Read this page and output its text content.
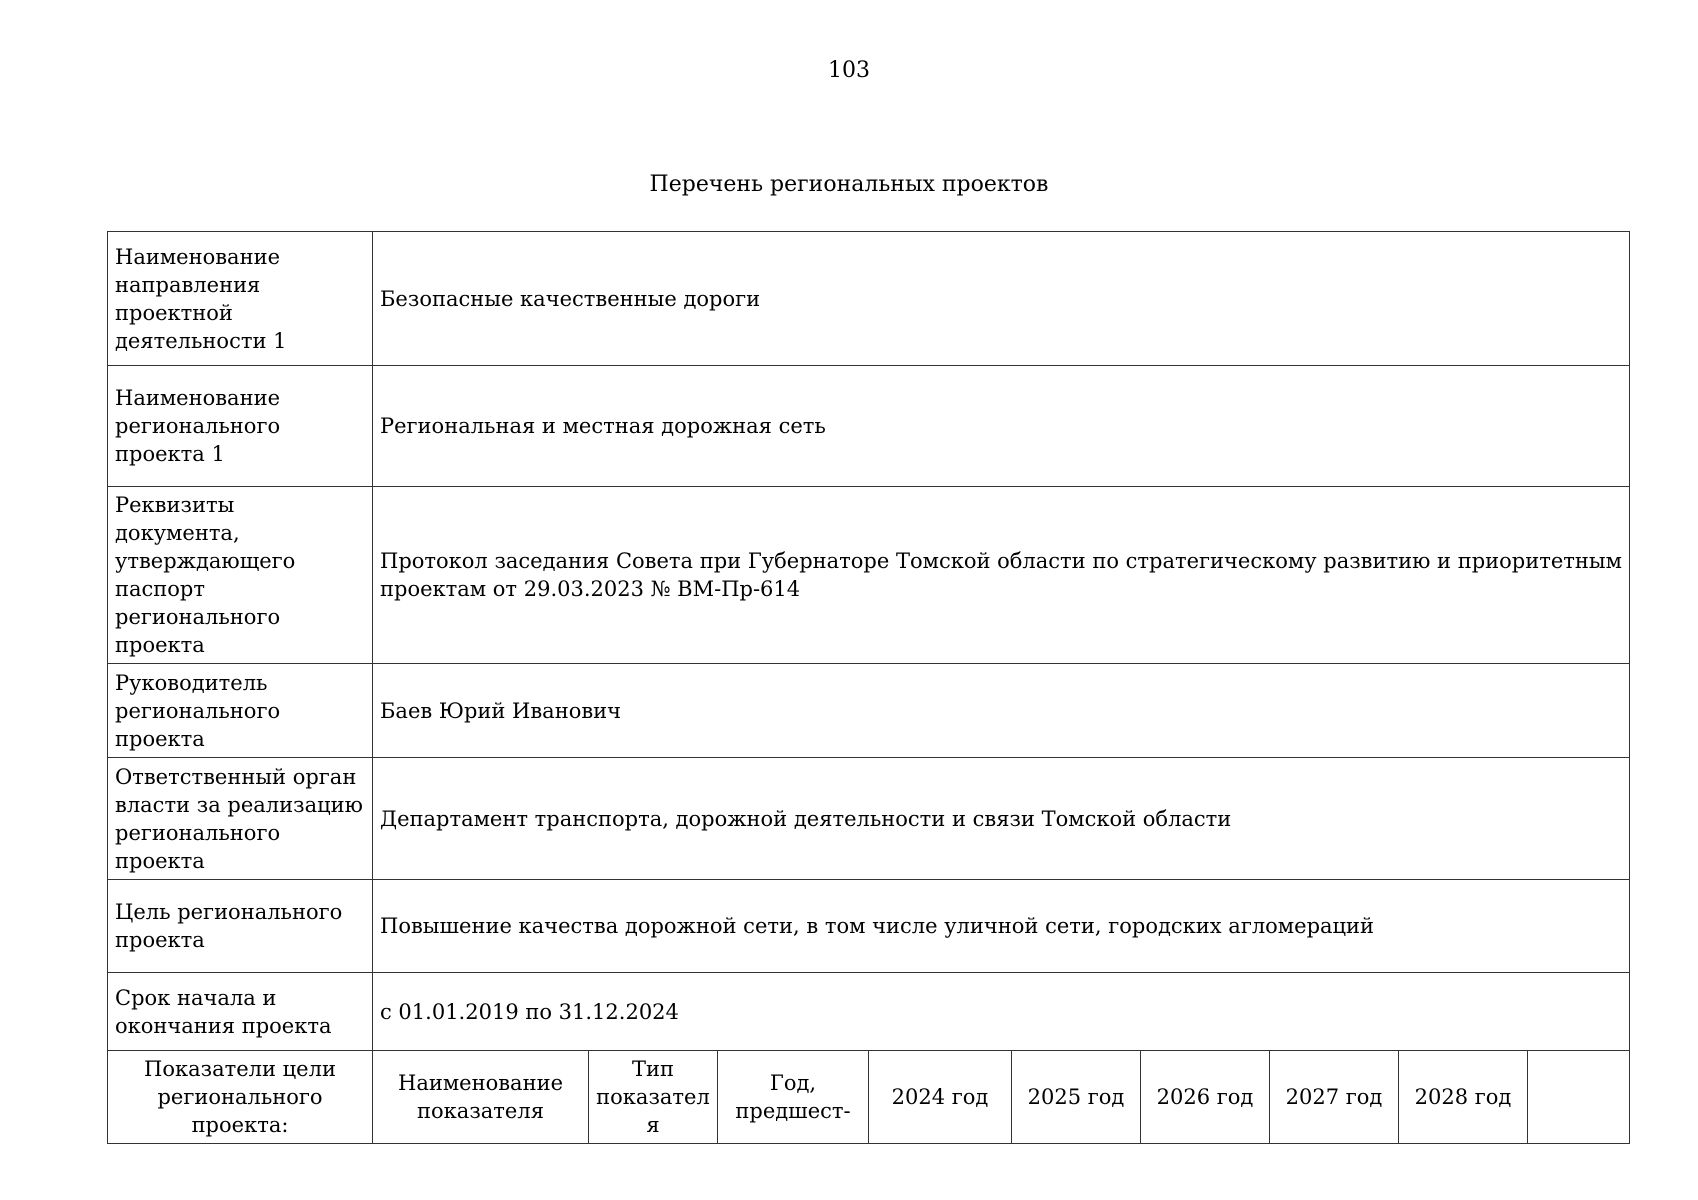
103
Перечень региональных проектов
Наименование направления проектной деятельности 1	Безопасные качественные дороги								
Наименование регионального проекта 1	Региональная и местная дорожная сеть								
Реквизиты документа, утверждающего паспорт регионального проекта	Протокол заседания Совета при Губернаторе Томской области по стратегическому развитию и приоритетным проектам от 29.03.2023 № ВМ-Пр-614								
Руководитель регионального проекта	Баев Юрий Иванович								
Ответственный орган власти за реализацию регионального проекта	Департамент транспорта, дорожной деятельности и связи Томской области								
Цель регионального проекта	Повышение качества дорожной сети, в том числе уличной сети, городских агломераций								
Срок начала и окончания проекта	с 01.01.2019 по 31.12.2024								
Показатели цели регионального проекта:	Наименование показателя	Тип показателя	Год, предшест-	2024 год	2025 год	2026 год	2027 год	2028 год	
